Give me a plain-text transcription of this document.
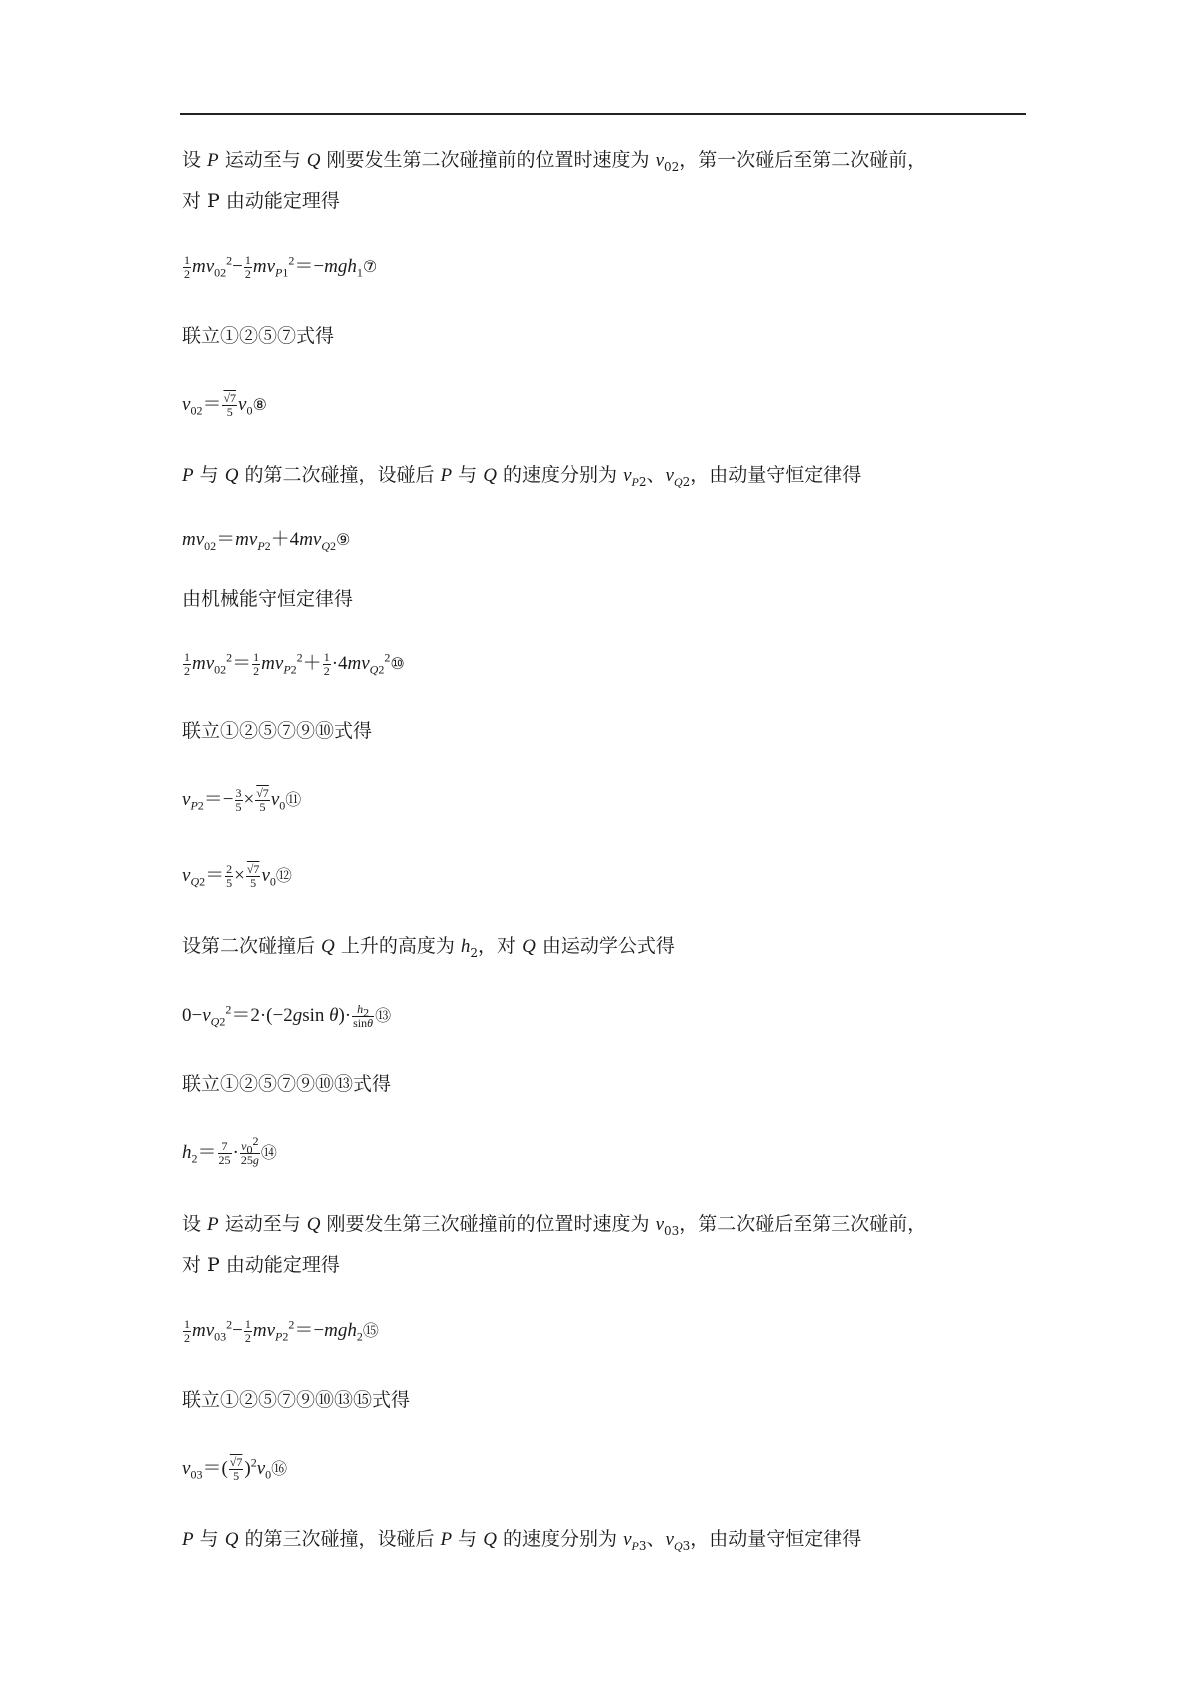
设 P 运动至与 Q 刚要发生第二次碰撞前的位置时速度为 $v_{02}$，第一次碰后至第二次碰前，
对 P 由动能定理得
$\frac{1}{2} mv_{02}^2- \frac{1}{2}$ $mv_{P1}^2=-mgh_1⑦$
联立①②⑤⑦式得
$v_{02}= \frac{√7}{5}$ $v_0⑧$
P 与 Q 的第二次碰撞，设碰后 P 与 Q 的速度分别为 $v_{P2}$、$v_{Q2}$，由动量守恒定律得
$mv_{02}=mv_{P2}+4mv_{Q2}⑨$
由机械能守恒定律得
$\frac{1}{2} mv_{02}^2= \frac{1}{2} mv_{P2}^2+ \frac{1}{2}$ $\cdot 4mv_{Q2}^2⑩$
联立①②⑤⑦⑨⑩式得
$v_{P2}=- \frac{3}{5} \times \frac{√7}{5}$ $v_0⑪$
$v_{Q2}= \frac{2}{5} \times \frac{√7}{5}$ $v_0⑫$
设第二次碰撞后 Q 上升的高度为 $h_2$，对 Q 由运动学公式得
$0-v_{Q2}^2=2\cdot(-2gsin$ $\theta)\cdot \frac{h_2}{\sin\theta}$ ⑬
联立①②⑤⑦⑨⑩⑬式得
$h_2= \frac{7}{25} \cdot \frac{v_0^2}{25g}$ ⑭
设 P 运动至与 Q 刚要发生第三次碰撞前的位置时速度为 $v_{03}$，第二次碰后至第三次碰前，
对 P 由动能定理得
$\frac{1}{2} mv_{03}^2- \frac{1}{2}$ $mv_{P2}^2=-mgh_2⑮$
联立①②⑤⑦⑨⑩⑬⑮式得
$v_{03}=( \frac{√7}{5}$ )$^2v_0⑯$
P 与 Q 的第三次碰撞，设碰后 P 与 Q 的速度分别为 $v_{P3}$、$v_{Q3}$，由动量守恒定律得
